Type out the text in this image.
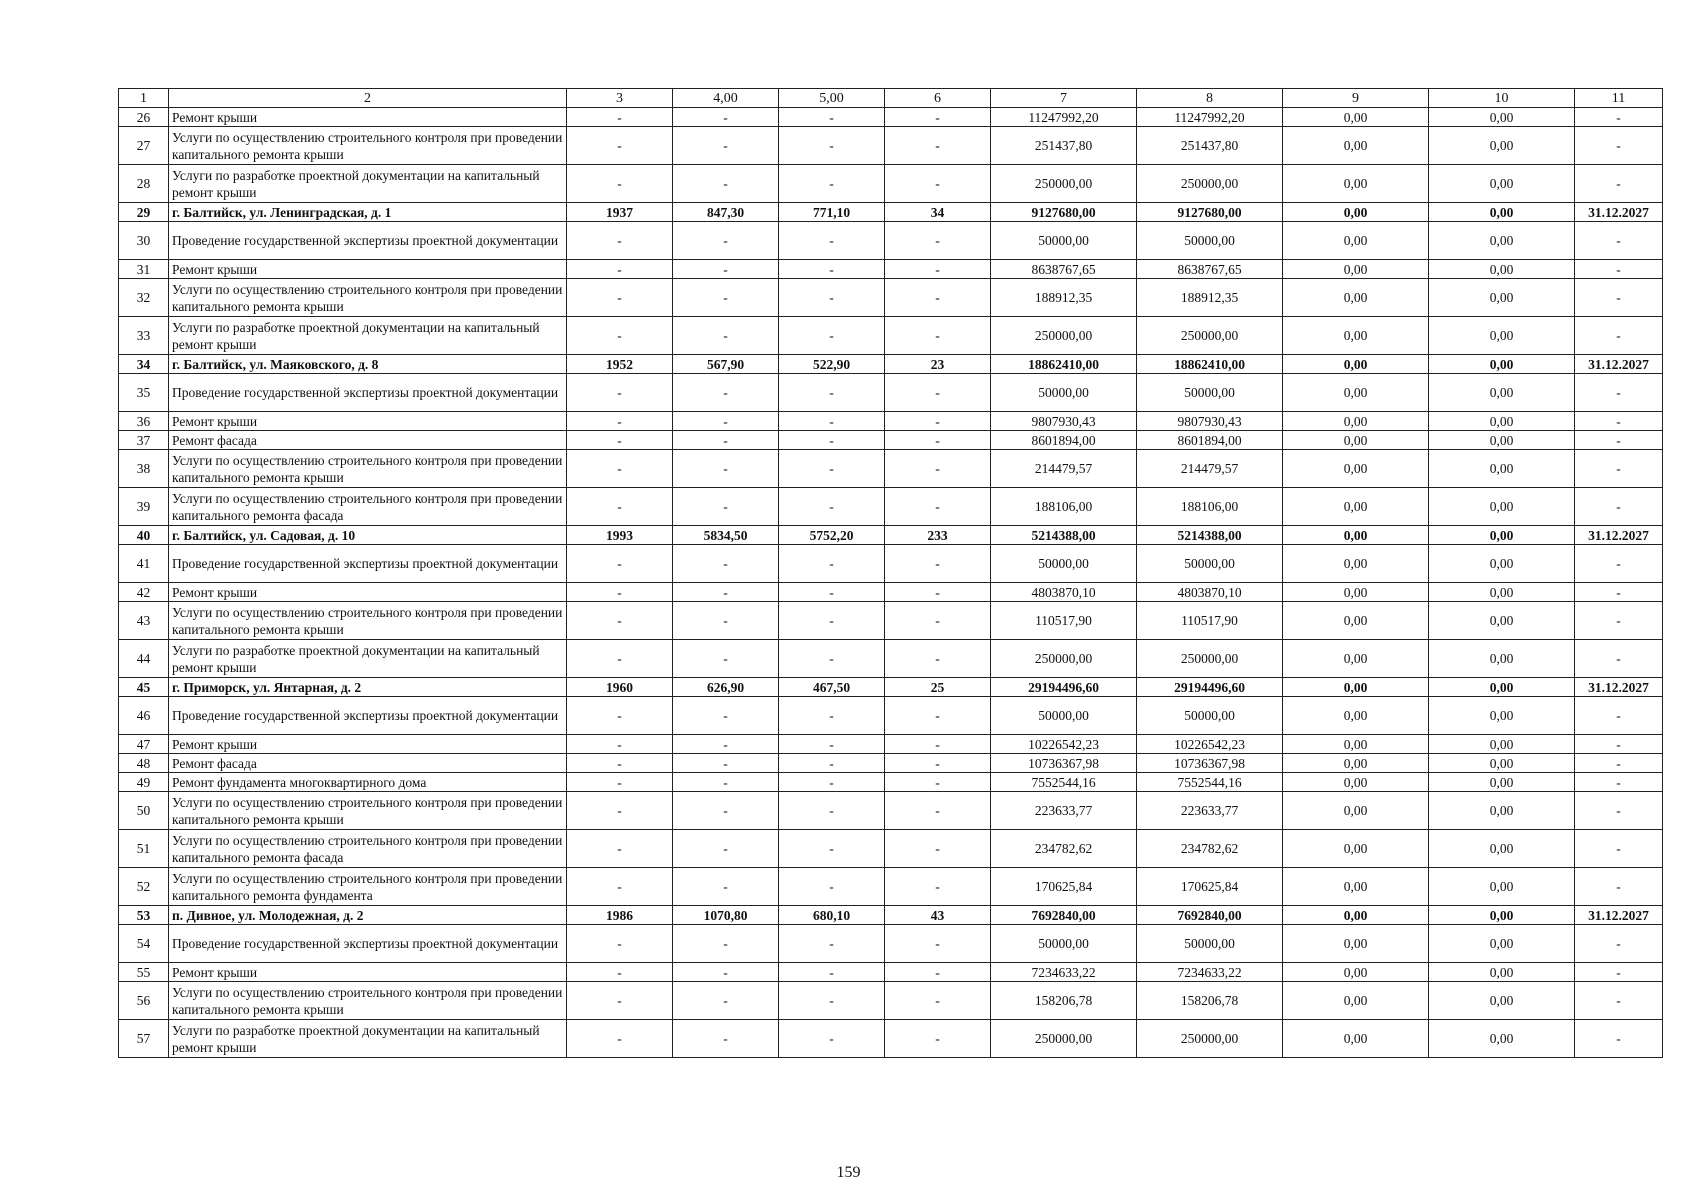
1	2	3	4,00	5,00	6	7	8	9	10	11
26	Ремонт крыши	-	-	-	-	11247992,20	11247992,20	0,00	0,00	-
27	Услуги по осуществлению строительного контроля при проведении капитального ремонта крыши	-	-	-	-	251437,80	251437,80	0,00	0,00	-
28	Услуги по разработке проектной документации на капитальный ремонт крыши	-	-	-	-	250000,00	250000,00	0,00	0,00	-
29	г. Балтийск, ул. Ленинградская, д. 1	1937	847,30	771,10	34	9127680,00	9127680,00	0,00	0,00	31.12.2027
30	Проведение государственной экспертизы проектной документации	-	-	-	-	50000,00	50000,00	0,00	0,00	-
31	Ремонт крыши	-	-	-	-	8638767,65	8638767,65	0,00	0,00	-
32	Услуги по осуществлению строительного контроля при проведении капитального ремонта крыши	-	-	-	-	188912,35	188912,35	0,00	0,00	-
33	Услуги по разработке проектной документации на капитальный ремонт крыши	-	-	-	-	250000,00	250000,00	0,00	0,00	-
34	г. Балтийск, ул. Маяковского, д. 8	1952	567,90	522,90	23	18862410,00	18862410,00	0,00	0,00	31.12.2027
35	Проведение государственной экспертизы проектной документации	-	-	-	-	50000,00	50000,00	0,00	0,00	-
36	Ремонт крыши	-	-	-	-	9807930,43	9807930,43	0,00	0,00	-
37	Ремонт фасада	-	-	-	-	8601894,00	8601894,00	0,00	0,00	-
38	Услуги по осуществлению строительного контроля при проведении капитального ремонта крыши	-	-	-	-	214479,57	214479,57	0,00	0,00	-
39	Услуги по осуществлению строительного контроля при проведении капитального ремонта фасада	-	-	-	-	188106,00	188106,00	0,00	0,00	-
40	г. Балтийск, ул. Садовая, д. 10	1993	5834,50	5752,20	233	5214388,00	5214388,00	0,00	0,00	31.12.2027
41	Проведение государственной экспертизы проектной документации	-	-	-	-	50000,00	50000,00	0,00	0,00	-
42	Ремонт крыши	-	-	-	-	4803870,10	4803870,10	0,00	0,00	-
43	Услуги по осуществлению строительного контроля при проведении капитального ремонта крыши	-	-	-	-	110517,90	110517,90	0,00	0,00	-
44	Услуги по разработке проектной документации на капитальный ремонт крыши	-	-	-	-	250000,00	250000,00	0,00	0,00	-
45	г. Приморск, ул. Янтарная, д. 2	1960	626,90	467,50	25	29194496,60	29194496,60	0,00	0,00	31.12.2027
46	Проведение государственной экспертизы проектной документации	-	-	-	-	50000,00	50000,00	0,00	0,00	-
47	Ремонт крыши	-	-	-	-	10226542,23	10226542,23	0,00	0,00	-
48	Ремонт фасада	-	-	-	-	10736367,98	10736367,98	0,00	0,00	-
49	Ремонт фундамента многоквартирного дома	-	-	-	-	7552544,16	7552544,16	0,00	0,00	-
50	Услуги по осуществлению строительного контроля при проведении капитального ремонта крыши	-	-	-	-	223633,77	223633,77	0,00	0,00	-
51	Услуги по осуществлению строительного контроля при проведении капитального ремонта фасада	-	-	-	-	234782,62	234782,62	0,00	0,00	-
52	Услуги по осуществлению строительного контроля при проведении капитального ремонта фундамента	-	-	-	-	170625,84	170625,84	0,00	0,00	-
53	п. Дивное, ул. Молодежная, д. 2	1986	1070,80	680,10	43	7692840,00	7692840,00	0,00	0,00	31.12.2027
54	Проведение государственной экспертизы проектной документации	-	-	-	-	50000,00	50000,00	0,00	0,00	-
55	Ремонт крыши	-	-	-	-	7234633,22	7234633,22	0,00	0,00	-
56	Услуги по осуществлению строительного контроля при проведении капитального ремонта крыши	-	-	-	-	158206,78	158206,78	0,00	0,00	-
57	Услуги по разработке проектной документации на капитальный ремонт крыши	-	-	-	-	250000,00	250000,00	0,00	0,00	-
159
